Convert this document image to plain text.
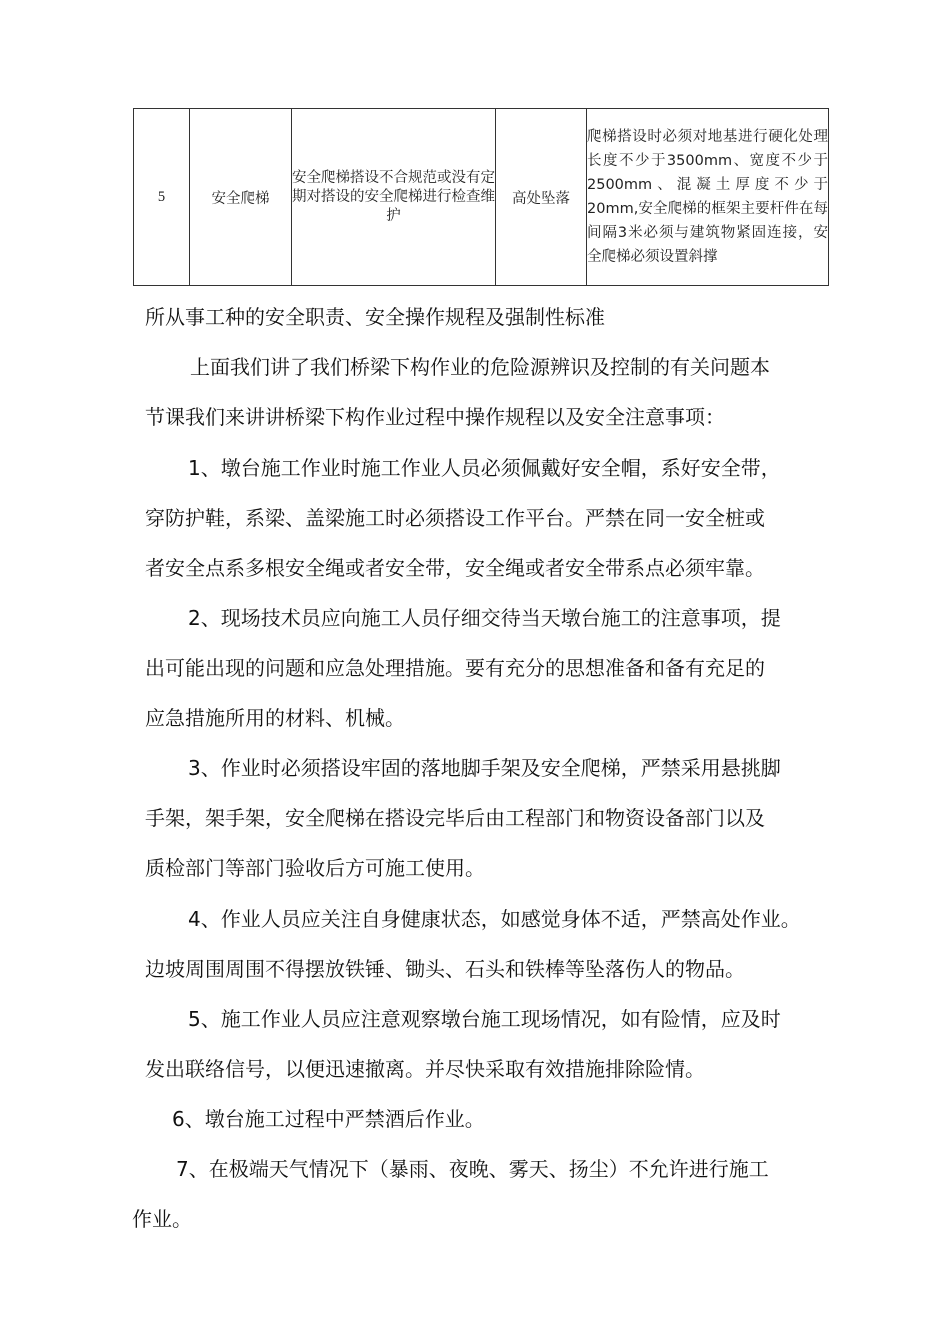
5	安全爬梯	安全爬梯搭设不合规范或没有定期对搭设的安全爬梯进行检查维护	高处坠落	爬梯搭设时必须对地基进行硬化处理长度不少于3500mm、宽度不少于2500mm、混凝土厚度不少于20mm,安全爬梯的框架主要杆件在每间隔3米必须与建筑物紧固连接，安全爬梯必须设置斜撑
所从事工种的安全职责、安全操作规程及强制性标准
上面我们讲了我们桥梁下构作业的危险源辨识及控制的有关问题本
节课我们来讲讲桥梁下构作业过程中操作规程以及安全注意事项：
1、墩台施工作业时施工作业人员必须佩戴好安全帽，系好安全带，
穿防护鞋，系梁、盖梁施工时必须搭设工作平台。严禁在同一安全桩或
者安全点系多根安全绳或者安全带，安全绳或者安全带系点必须牢靠。
2、现场技术员应向施工人员仔细交待当天墩台施工的注意事项，提
出可能出现的问题和应急处理措施。要有充分的思想准备和备有充足的
应急措施所用的材料、机械。
3、作业时必须搭设牢固的落地脚手架及安全爬梯，严禁采用悬挑脚
手架，架手架，安全爬梯在搭设完毕后由工程部门和物资设备部门以及
质检部门等部门验收后方可施工使用。
4、作业人员应关注自身健康状态，如感觉身体不适，严禁高处作业。
边坡周围周围不得摆放铁锤、锄头、石头和铁棒等坠落伤人的物品。
5、施工作业人员应注意观察墩台施工现场情况，如有险情，应及时
发出联络信号，以便迅速撤离。并尽快采取有效措施排除险情。
6、墩台施工过程中严禁酒后作业。
7、在极端天气情况下（暴雨、夜晚、雾天、扬尘）不允许进行施工
作业。
